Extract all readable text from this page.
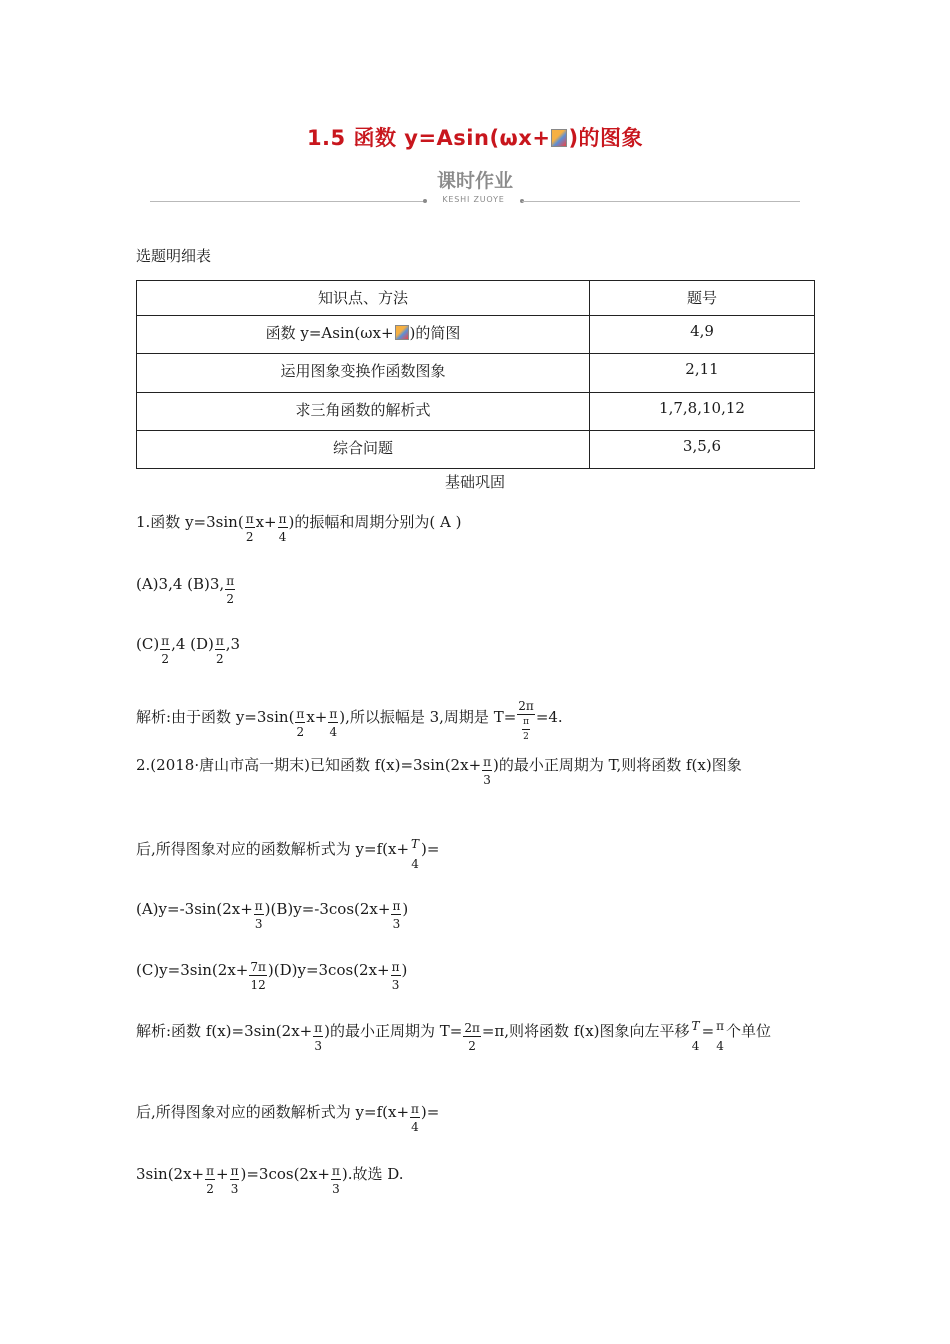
1.5 函数 y=Asin(ωx+ )的图象
课时作业
KESHI ZUOYE
选题明细表
知识点、方法	题号

函数 y=Asin(ωx+ )的简图	4,9

运用图象变换作函数图象	2,11

求三角函数的解析式	1,7,8,10,12

综合问题	3,5,6
基础巩固
1.函数 $y=3\sin( \frac{\pi}{2} x+ \frac{\pi}{4}$ )的振幅和周期分别为( A )
(A)3,4 (B)3, $\frac{\pi}{2}$
$(C) \frac{\pi}{2} ,4$ $(D) \frac{\pi}{2} ,3$
解析:由于函数 $y=3\sin( \frac{\pi}{2} x+ \frac{\pi}{4}$ ),所以振幅是 3,周期是 $T= \frac{2\pi}{\frac{\pi}{2}} =4$.
2.(2018·唐山市高一期末)已知函数 $f(x)=3\sin(2x+ \frac{\pi}{3}$ )的最小正周期为 T,则将函数 f(x)图象
后,所得图象对应的函数解析式为 y=f(x+ T
4
)=
$(A)y=-3\sin(2x+ \frac{\pi}{3} )(B)y=-3\cos(2x+ \frac{\pi}{3}$ )
$(C)y=3\sin(2x+ \frac{7\pi}{12} )(D)y=3\cos(2x+ \frac{\pi}{3}$ )
解析:函数 $f(x)=3\sin(2x+ \frac{\pi}{3}$ )的最小正周期为 $T= \frac{2\pi}{2} =\pi$,则将函数 f(x)图象向左平移 T
4
= π
4
个单位
后,所得图象对应的函数解析式为 $y=f(x+ \frac{\pi}{4}$ )=
$3\sin(2x+ \frac{\pi}{2} + \frac{\pi}{3} )=3\cos(2x+ \frac{\pi}{3}$ ).故选 D.
